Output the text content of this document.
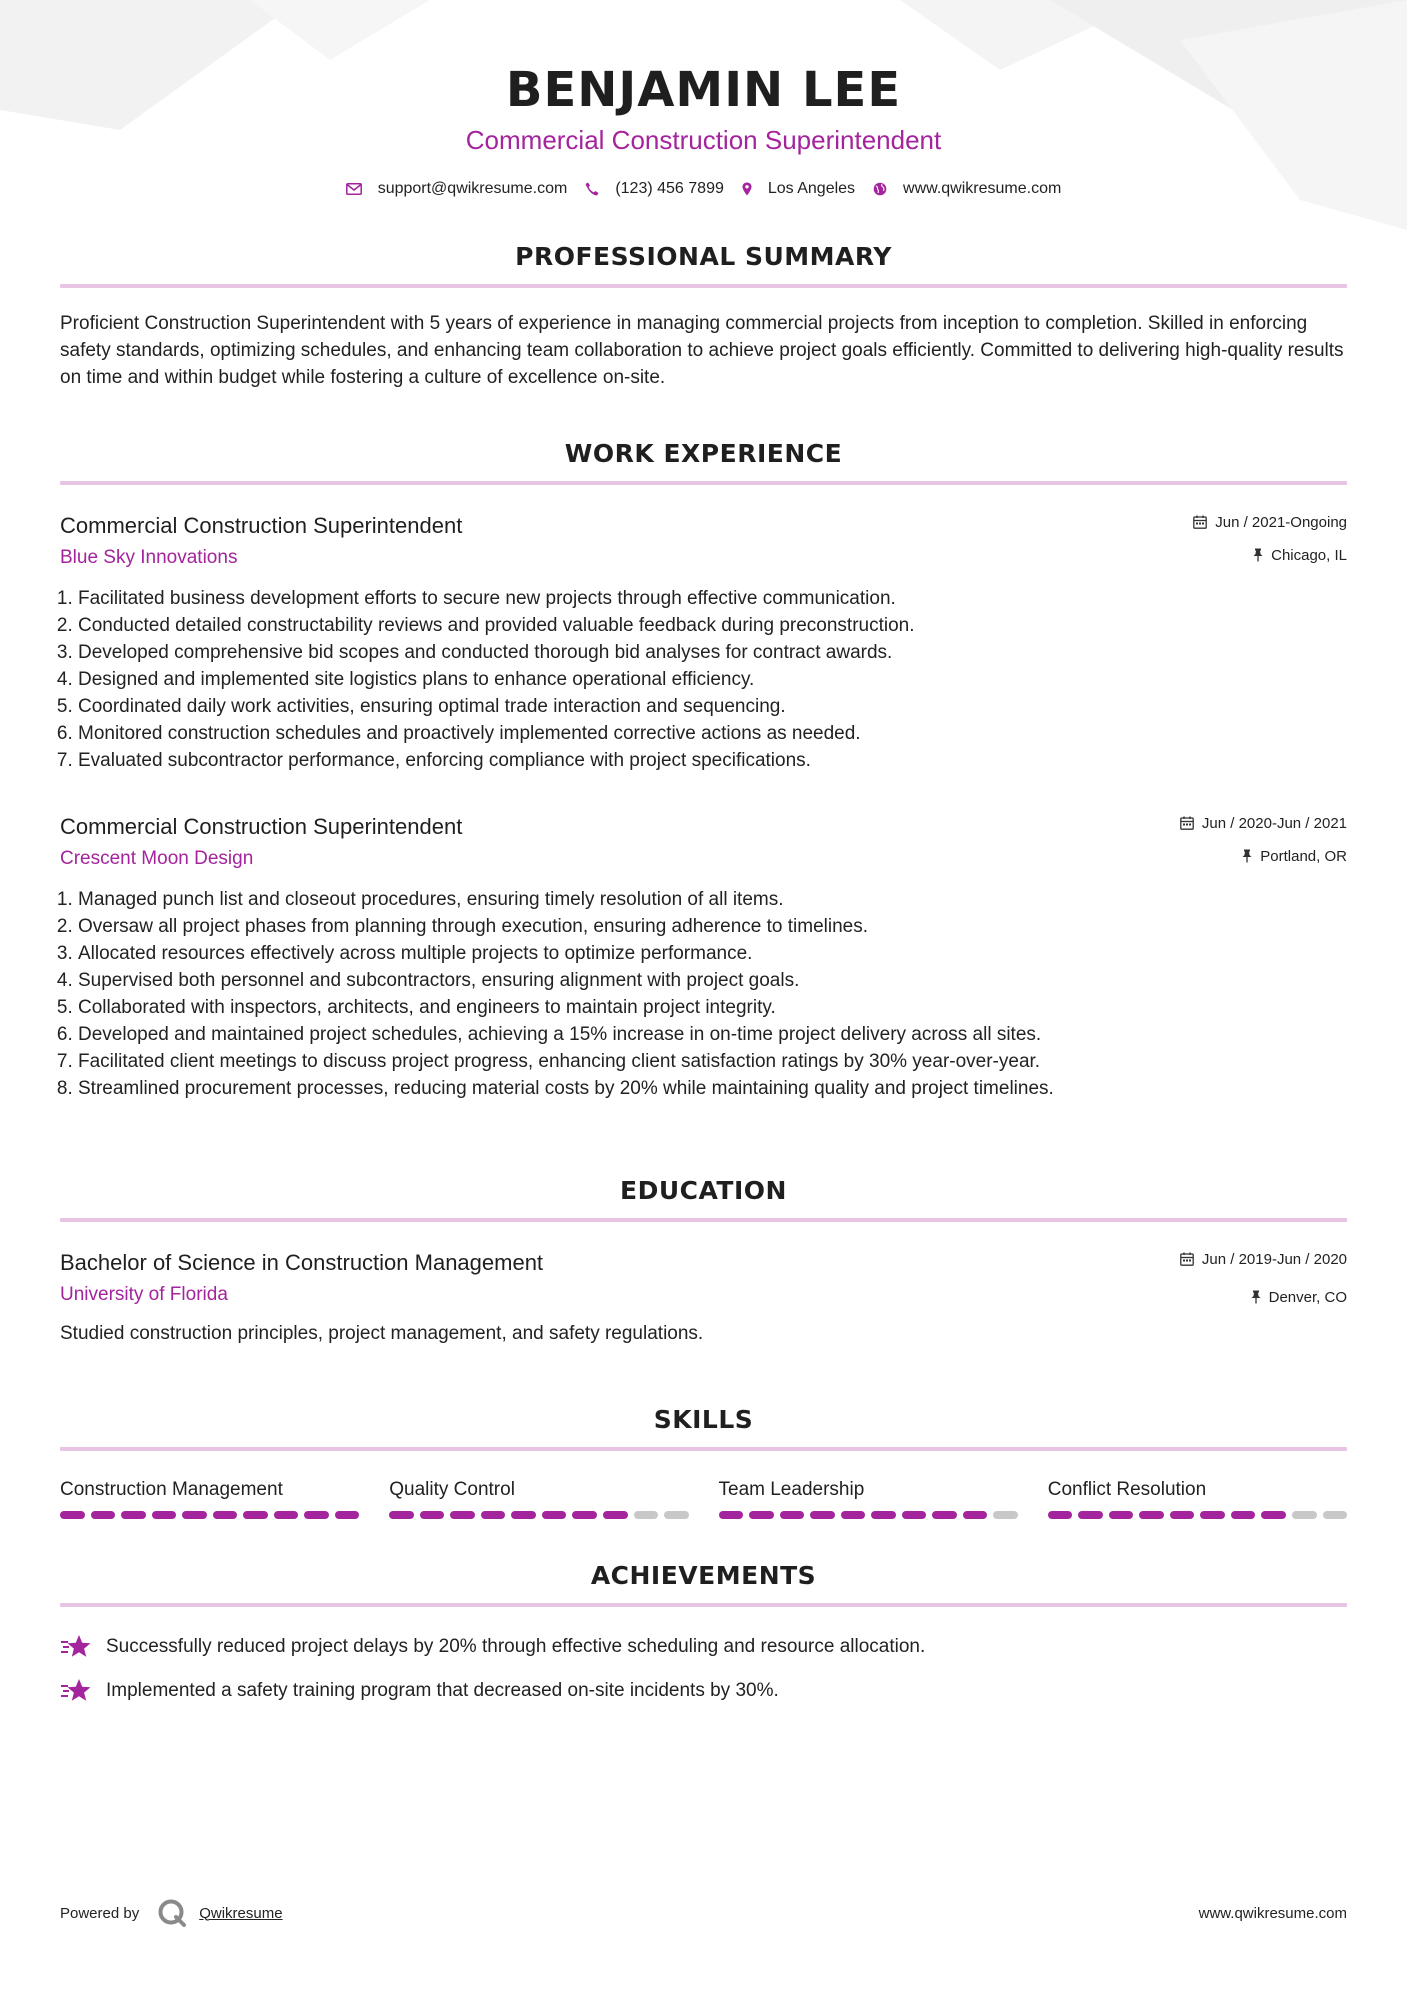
BENJAMIN LEE
Commercial Construction Superintendent
support@qwikresume.com	(123) 456 7899	Los Angeles	www.qwikresume.com
PROFESSIONAL SUMMARY
Proficient Construction Superintendent with 5 years of experience in managing commercial projects from inception to completion. Skilled in enforcing safety standards, optimizing schedules, and enhancing team collaboration to achieve project goals efficiently. Committed to delivering high-quality results on time and within budget while fostering a culture of excellence on-site.
WORK EXPERIENCE
Commercial Construction Superintendent
Blue Sky Innovations
Jun / 2021-Ongoing
Chicago, IL
1. Facilitated business development efforts to secure new projects through effective communication.
2. Conducted detailed constructability reviews and provided valuable feedback during preconstruction.
3. Developed comprehensive bid scopes and conducted thorough bid analyses for contract awards.
4. Designed and implemented site logistics plans to enhance operational efficiency.
5. Coordinated daily work activities, ensuring optimal trade interaction and sequencing.
6. Monitored construction schedules and proactively implemented corrective actions as needed.
7. Evaluated subcontractor performance, enforcing compliance with project specifications.
Commercial Construction Superintendent
Crescent Moon Design
Jun / 2020-Jun / 2021
Portland, OR
1. Managed punch list and closeout procedures, ensuring timely resolution of all items.
2. Oversaw all project phases from planning through execution, ensuring adherence to timelines.
3. Allocated resources effectively across multiple projects to optimize performance.
4. Supervised both personnel and subcontractors, ensuring alignment with project goals.
5. Collaborated with inspectors, architects, and engineers to maintain project integrity.
6. Developed and maintained project schedules, achieving a 15% increase in on-time project delivery across all sites.
7. Facilitated client meetings to discuss project progress, enhancing client satisfaction ratings by 30% year-over-year.
8. Streamlined procurement processes, reducing material costs by 20% while maintaining quality and project timelines.
EDUCATION
Bachelor of Science in Construction Management
University of Florida
Jun / 2019-Jun / 2020
Denver, CO
Studied construction principles, project management, and safety regulations.
SKILLS
Construction Management	Quality Control	Team Leadership	Conflict Resolution
ACHIEVEMENTS
Successfully reduced project delays by 20% through effective scheduling and resource allocation.
Implemented a safety training program that decreased on-site incidents by 30%.
Powered by	Qwikresume	www.qwikresume.com
